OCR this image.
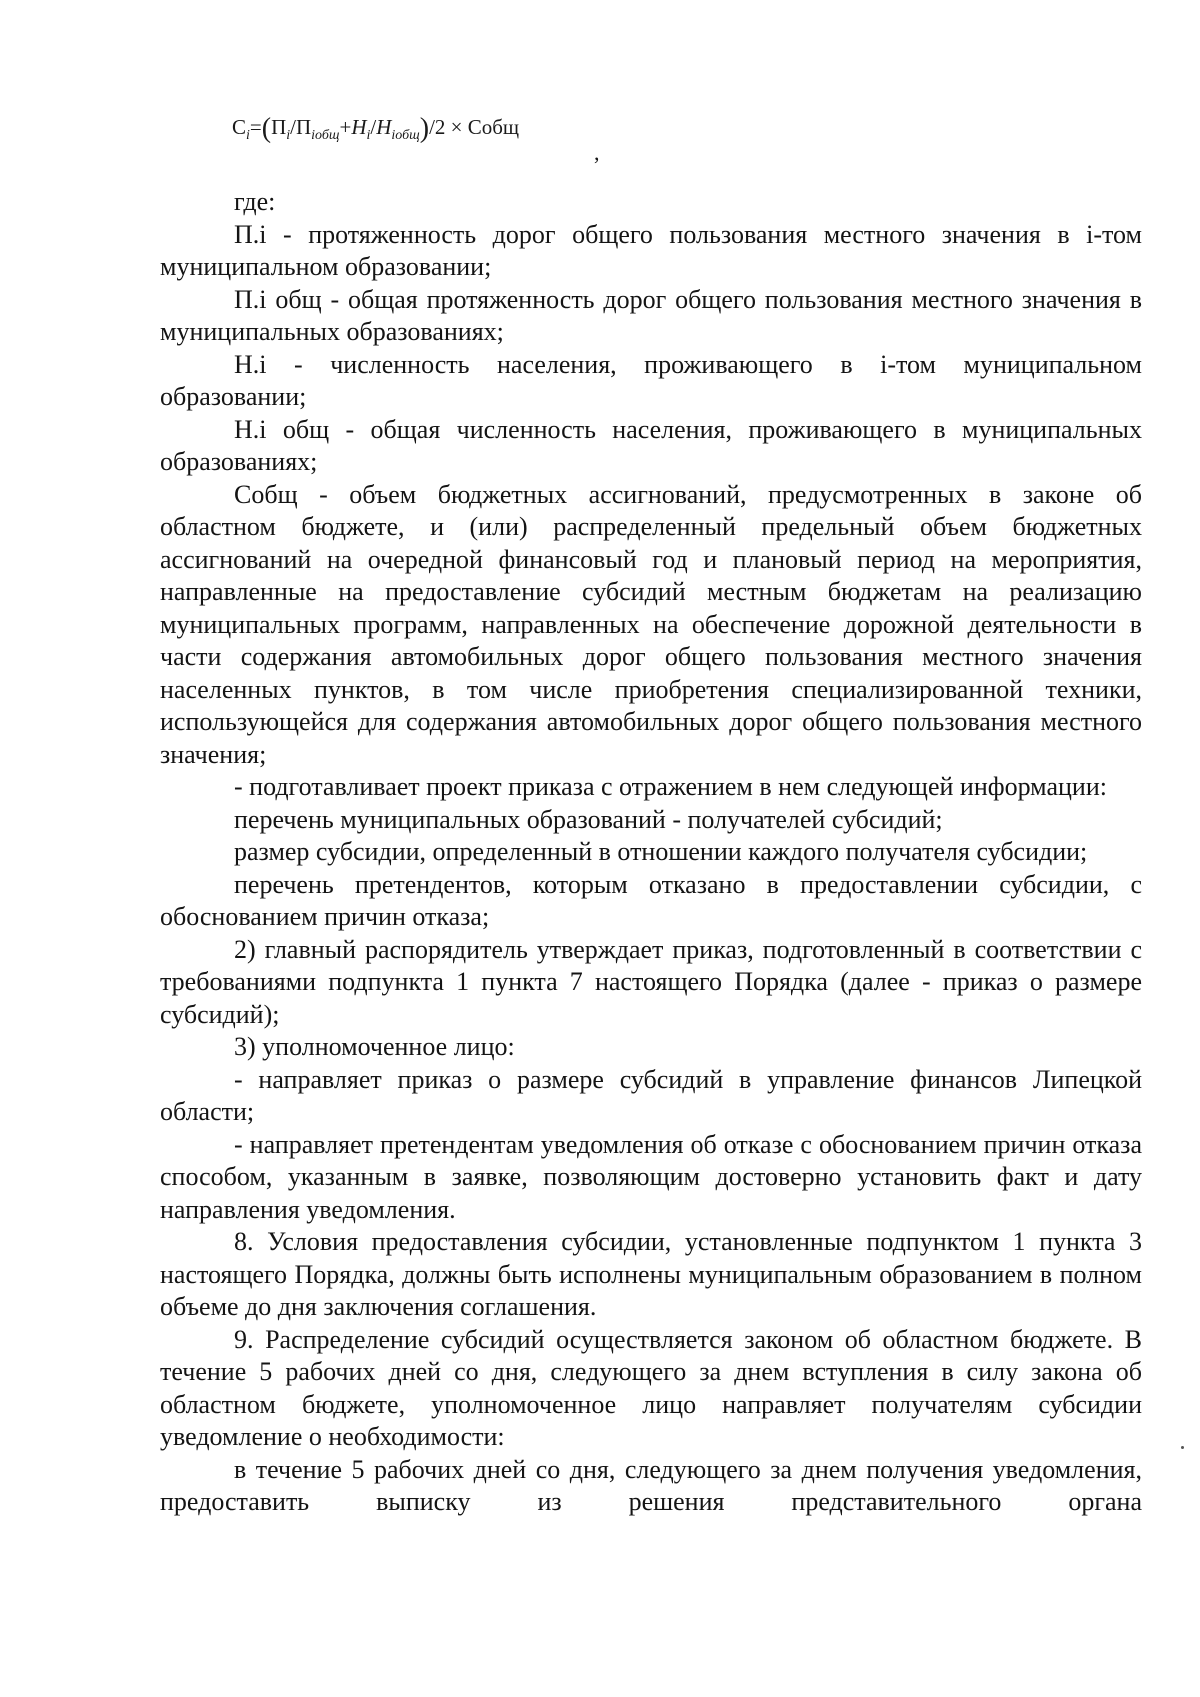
$С_i=(П_i/П_{iобщ}+Н_i/Н_{iобщ})/2$ × Собщ
,

где:

П.i - протяженность дорог общего пользования местного значения в i-том муниципальном образовании;

П.i общ - общая протяженность дорог общего пользования местного значения в муниципальных образованиях;

Н.i - численность населения, проживающего в i-том муниципальном образовании;

Н.i общ - общая численность населения, проживающего в муниципальных образованиях;

Собщ - объем бюджетных ассигнований, предусмотренных в законе об областном бюджете, и (или) распределенный предельный объем бюджетных ассигнований на очередной финансовый год и плановый период на мероприятия, направленные на предоставление субсидий местным бюджетам на реализацию муниципальных программ, направленных на обеспечение дорожной деятельности в части содержания автомобильных дорог общего пользования местного значения населенных пунктов, в том числе приобретения специализированной техники, использующейся для содержания автомобильных дорог общего пользования местного значения;

- подготавливает проект приказа с отражением в нем следующей информации:

перечень муниципальных образований - получателей субсидий;

размер субсидии, определенный в отношении каждого получателя субсидии;

перечень претендентов, которым отказано в предоставлении субсидии, с обоснованием причин отказа;

2) главный распорядитель утверждает приказ, подготовленный в соответствии с требованиями подпункта 1 пункта 7 настоящего Порядка (далее - приказ о размере субсидий);

3) уполномоченное лицо:

- направляет приказ о размере субсидий в управление финансов Липецкой области;

- направляет претендентам уведомления об отказе с обоснованием причин отказа способом, указанным в заявке, позволяющим достоверно установить факт и дату направления уведомления.

8. Условия предоставления субсидии, установленные подпунктом 1 пункта 3 настоящего Порядка, должны быть исполнены муниципальным образованием в полном объеме до дня заключения соглашения.

9. Распределение субсидий осуществляется законом об областном бюджете. В течение 5 рабочих дней со дня, следующего за днем вступления в силу закона об областном бюджете, уполномоченное лицо направляет получателям субсидии уведомление о необходимости:

в течение 5 рабочих дней со дня, следующего за днем получения уведомления, предоставить выписку из решения представительного органа
